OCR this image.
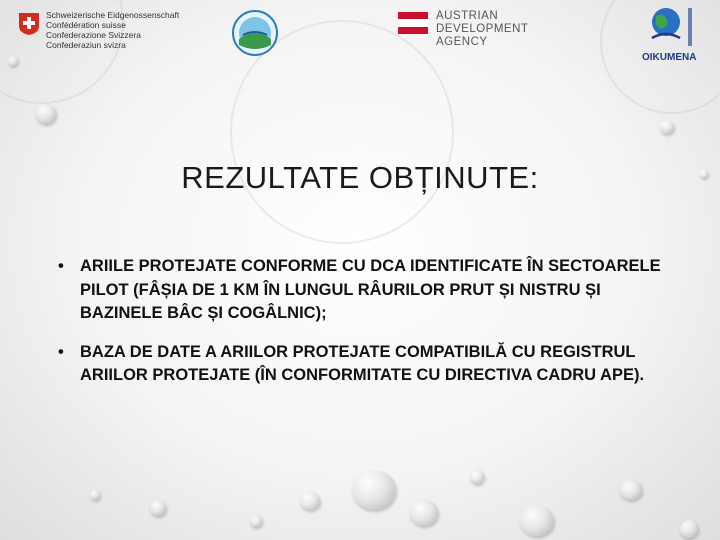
Schweizerische Eidgenossenschaft
Confédération suisse
Confederazione Svizzera
Confederaziun svizra
AUSTRIAN
DEVELOPMENT
AGENCY
OIKUMENA
REZULTATE OBȚINUTE:
• ARIILE PROTEJATE CONFORME CU DCA IDENTIFICATE ÎN SECTOARELE PILOT (FÂȘIA DE 1 KM ÎN LUNGUL RÂURILOR PRUT ȘI NISTRU ȘI BAZINELE BÂC ȘI COGÂLNIC);
• BAZA DE DATE A ARIILOR PROTEJATE COMPATIBILĂ CU REGISTRUL ARIILOR PROTEJATE (ÎN CONFORMITATE CU DIRECTIVA CADRU APE).
